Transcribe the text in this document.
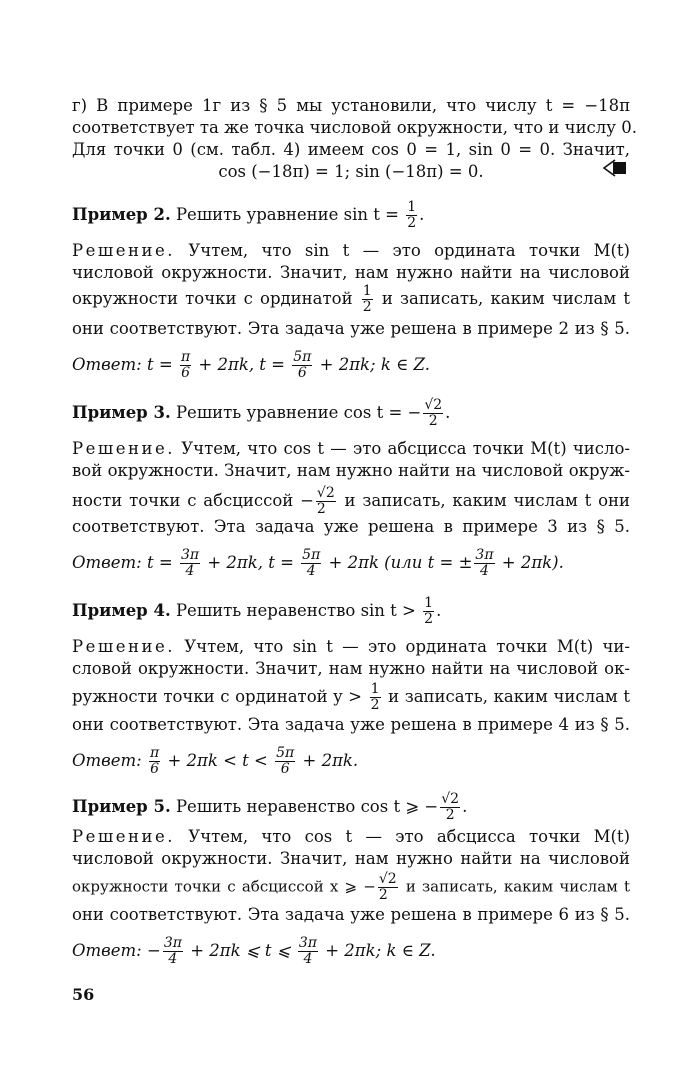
г) В примере 1г из § 5 мы установили, что числу t = −18π
соответствует та же точка числовой окружности, что и числу 0.
Для точки 0 (см. табл. 4) имеем cos 0 = 1, sin 0 = 0. Значит,
cos (−18π) = 1; sin (−18π) = 0.
Пример 2. Решить уравнение $\sin t = \frac{1}{2}$ .
Решение. Учтем, что sin t — это ордината точки M(t)
числовой окружности. Значит, нам нужно найти на числовой
окружности точки с ординатой $\frac{1}{2}$ и записать, каким числам t
они соответствуют. Эта задача уже решена в примере 2 из § 5.
Ответ: $t = \frac{\pi}{6} + 2\pi k$, $t = \frac{5\pi}{6} + 2\pi k$; k ∈ Z.
Пример 3. Решить уравнение cos t = − $\frac{√2}{2}$ .
Решение. Учтем, что cos t — это абсцисса точки M(t) число-
вой окружности. Значит, нам нужно найти на числовой окруж-
ности точки с абсциссой − $\frac{√2}{2}$ и записать, каким числам t они
соответствуют. Эта задача уже решена в примере 3 из § 5.
Ответ: $t = \frac{3\pi}{4} + 2\pi k$, $t = \frac{5\pi}{4} + 2\pi k$ (или t = ± $\frac{3\pi}{4} + 2\pi k$).
Пример 4. Решить неравенство $\sin t > \frac{1}{2}$ .
Решение. Учтем, что sin t — это ордината точки M(t) чи-
словой окружности. Значит, нам нужно найти на числовой ок-
ружности точки с ординатой $y > \frac{1}{2}$ и записать, каким числам t
они соответствуют. Эта задача уже решена в примере 4 из § 5.
Ответ: $\frac{\pi}{6} + 2\pi k < t < \frac{5\pi}{6} + 2\pi k$.
Пример 5. Решить неравенство cos t ⩾ − $\frac{√2}{2}$ .
Решение. Учтем, что cos t — это абсцисса точки M(t)
числовой окружности. Значит, нам нужно найти на числовой
окружности точки с абсциссой x ⩾ − $\frac{√2}{2}$ и записать, каким числам t
они соответствуют. Эта задача уже решена в примере 6 из § 5.
Ответ: − $\frac{3\pi}{4} + 2\pi k$ ⩽ t ⩽ $\frac{3\pi}{4} + 2\pi k$; k ∈ Z.
56
